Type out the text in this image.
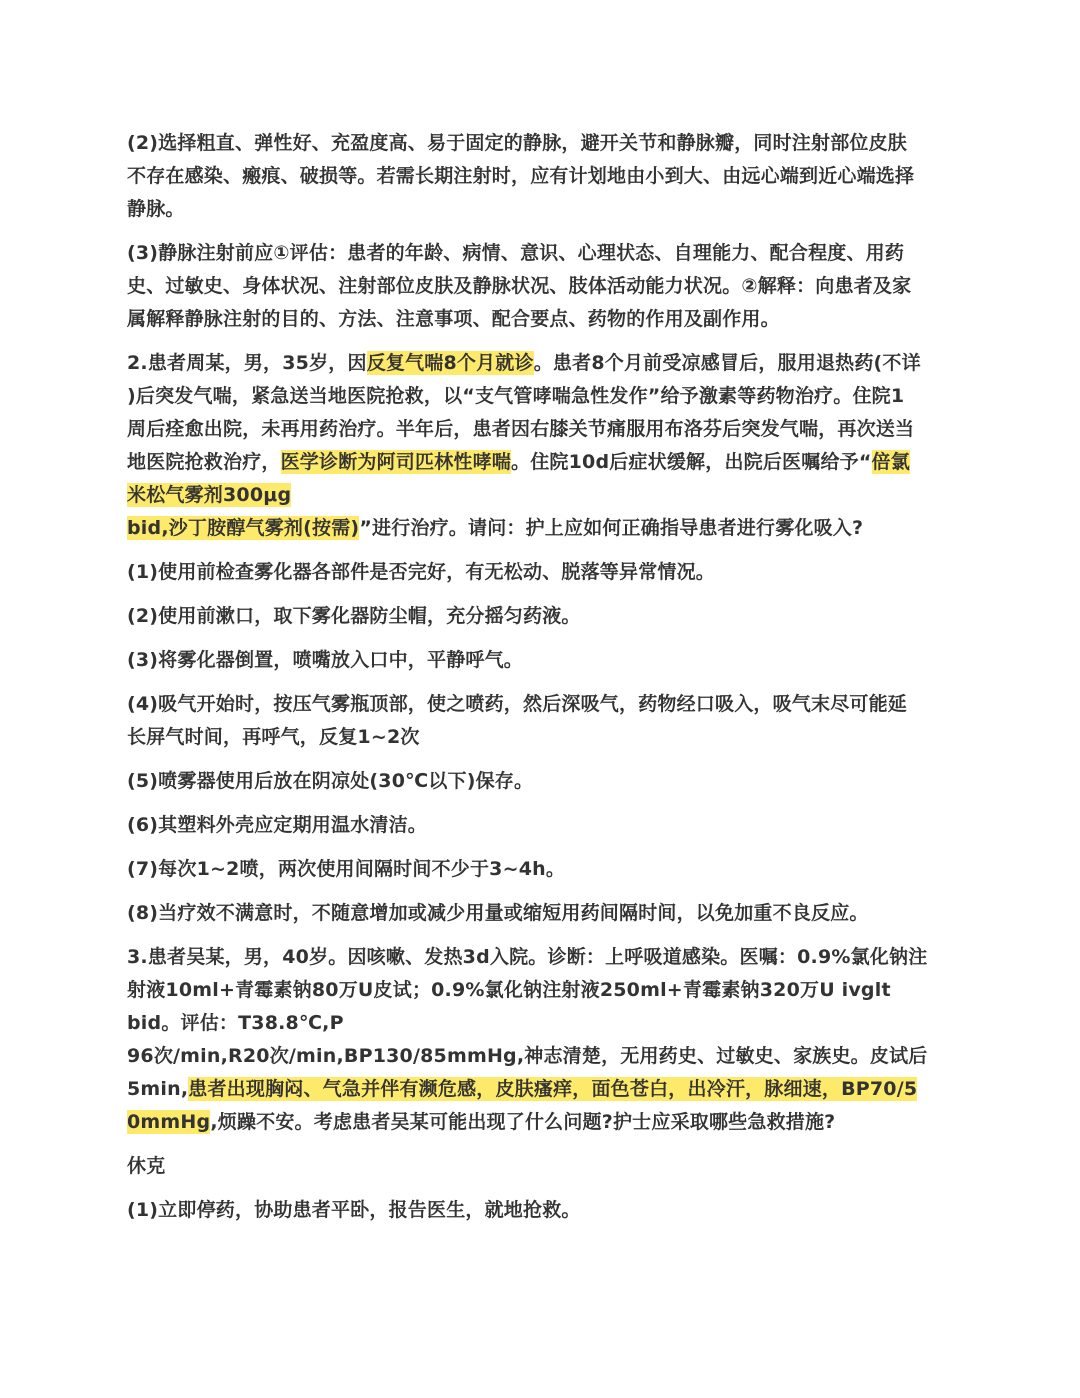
(2)选择粗直、弹性好、充盈度高、易于固定的静脉，避开关节和静脉瓣，同时注射部位皮肤
不存在感染、瘢痕、破损等。若需长期注射时，应有计划地由小到大、由远心端到近心端选择
静脉。
(3)静脉注射前应①评估：患者的年龄、病情、意识、心理状态、自理能力、配合程度、用药
史、过敏史、身体状况、注射部位皮肤及静脉状况、肢体活动能力状况。②解释：向患者及家
属解释静脉注射的目的、方法、注意事项、配合要点、药物的作用及副作用。
2.患者周某，男，35岁，因反复气喘8个月就诊。患者8个月前受凉感冒后，服用退热药(不详
)后突发气喘，紧急送当地医院抢救，以“支气管哮喘急性发作”给予激素等药物治疗。住院1
周后痊愈出院，未再用药治疗。半年后，患者因右膝关节痛服用布洛芬后突发气喘，再次送当
地医院抢救治疗，医学诊断为阿司匹林性哮喘。住院10d后症状缓解，出院后医嘱给予“倍氯
米松气雾剂300μg
bid,沙丁胺醇气雾剂(按需)”进行治疗。请问：护上应如何正确指导患者进行雾化吸入?
(1)使用前检查雾化器各部件是否完好，有无松动、脱落等异常情况。
(2)使用前漱口，取下雾化器防尘帽，充分摇匀药液。
(3)将雾化器倒置，喷嘴放入口中，平静呼气。
(4)吸气开始时，按压气雾瓶顶部，使之喷药，然后深吸气，药物经口吸入，吸气末尽可能延
长屏气时间，再呼气，反复1~2次
(5)喷雾器使用后放在阴凉处(30℃以下)保存。
(6)其塑料外壳应定期用温水清洁。
(7)每次1~2喷，两次使用间隔时间不少于3~4h。
(8)当疗效不满意时，不随意增加或减少用量或缩短用药间隔时间，以免加重不良反应。
3.患者吴某，男，40岁。因咳嗽、发热3d入院。诊断：上呼吸道感染。医嘱：0.9%氯化钠注
射液10ml+青霉素钠80万U皮试；0.9%氯化钠注射液250ml+青霉素钠320万U ivglt
bid。评估：T38.8℃,P
96次/min,R20次/min,BP130/85mmHg,神志清楚，无用药史、过敏史、家族史。皮试后
5min,患者出现胸闷、气急并伴有濒危感，皮肤瘙痒，面色苍白，出冷汗，脉细速，BP70/5
0mmHg,烦躁不安。考虑患者吴某可能出现了什么问题?护士应采取哪些急救措施?
休克
(1)立即停药，协助患者平卧，报告医生，就地抢救。
